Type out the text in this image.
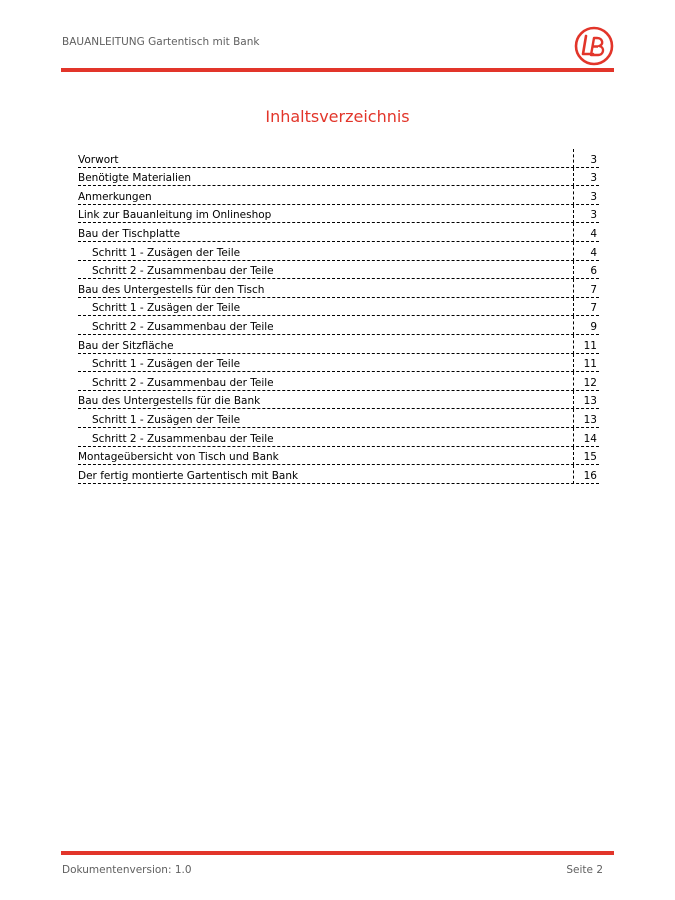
BAUANLEITUNG Gartentisch mit Bank
Inhaltsverzeichnis
Vorwort	3
Benötigte Materialien	3
Anmerkungen	3
Link zur Bauanleitung im Onlineshop	3
Bau der Tischplatte	4
Schritt 1 - Zusägen der Teile	4
Schritt 2 - Zusammenbau der Teile	6
Bau des Untergestells für den Tisch	7
Schritt 1 - Zusägen der Teile	7
Schritt 2 - Zusammenbau der Teile	9
Bau der Sitzfläche	11
Schritt 1 - Zusägen der Teile	11
Schritt 2 - Zusammenbau der Teile	12
Bau des Untergestells für die Bank	13
Schritt 1 - Zusägen der Teile	13
Schritt 2 - Zusammenbau der Teile	14
Montageübersicht von Tisch und Bank	15
Der fertig montierte Gartentisch mit Bank	16
Dokumentenversion: 1.0	Seite 2
